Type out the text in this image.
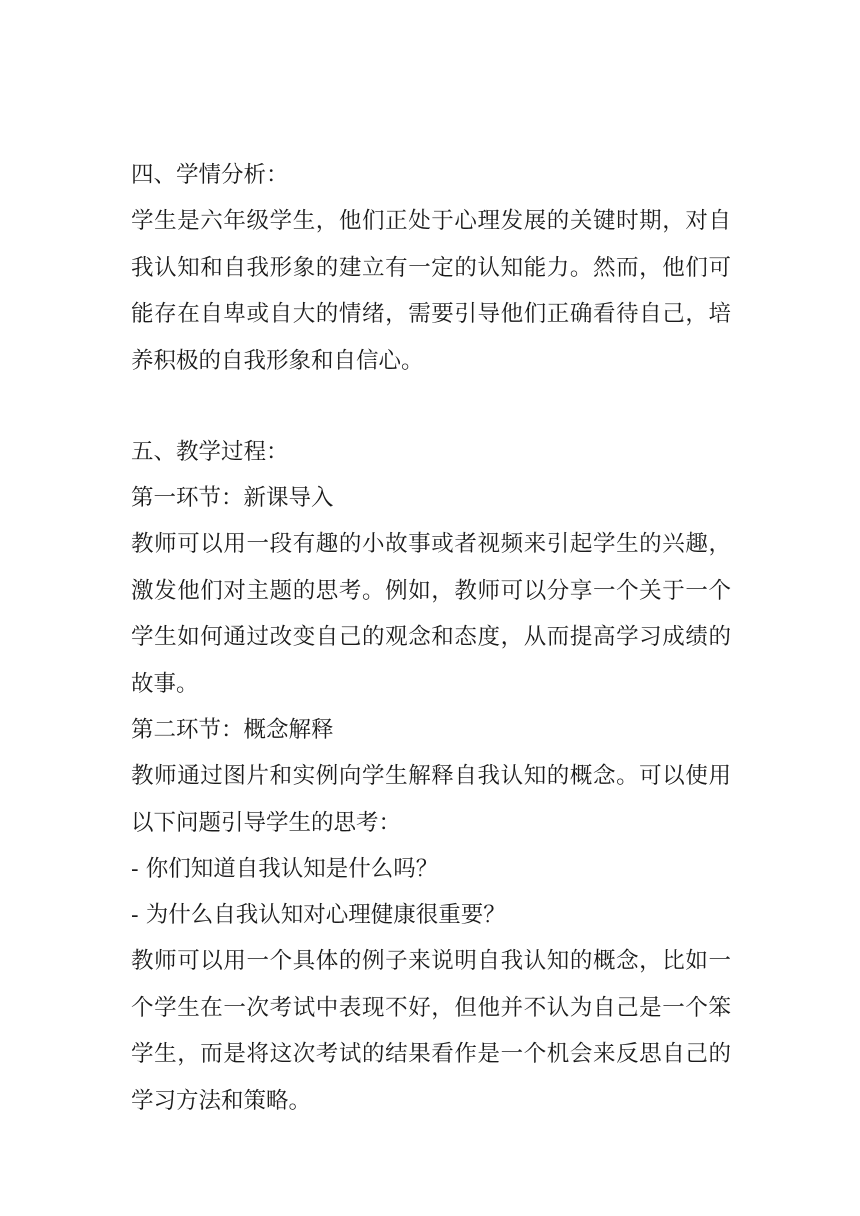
四、学情分析：
学生是六年级学生，他们正处于心理发展的关键时期，对自我认知和自我形象的建立有一定的认知能力。然而，他们可能存在自卑或自大的情绪，需要引导他们正确看待自己，培养积极的自我形象和自信心。
五、教学过程：
第一环节：新课导入
教师可以用一段有趣的小故事或者视频来引起学生的兴趣，激发他们对主题的思考。例如，教师可以分享一个关于一个学生如何通过改变自己的观念和态度，从而提高学习成绩的故事。
第二环节：概念解释
教师通过图片和实例向学生解释自我认知的概念。可以使用以下问题引导学生的思考：
- 你们知道自我认知是什么吗？
- 为什么自我认知对心理健康很重要？
教师可以用一个具体的例子来说明自我认知的概念，比如一个学生在一次考试中表现不好，但他并不认为自己是一个笨学生，而是将这次考试的结果看作是一个机会来反思自己的学习方法和策略。
